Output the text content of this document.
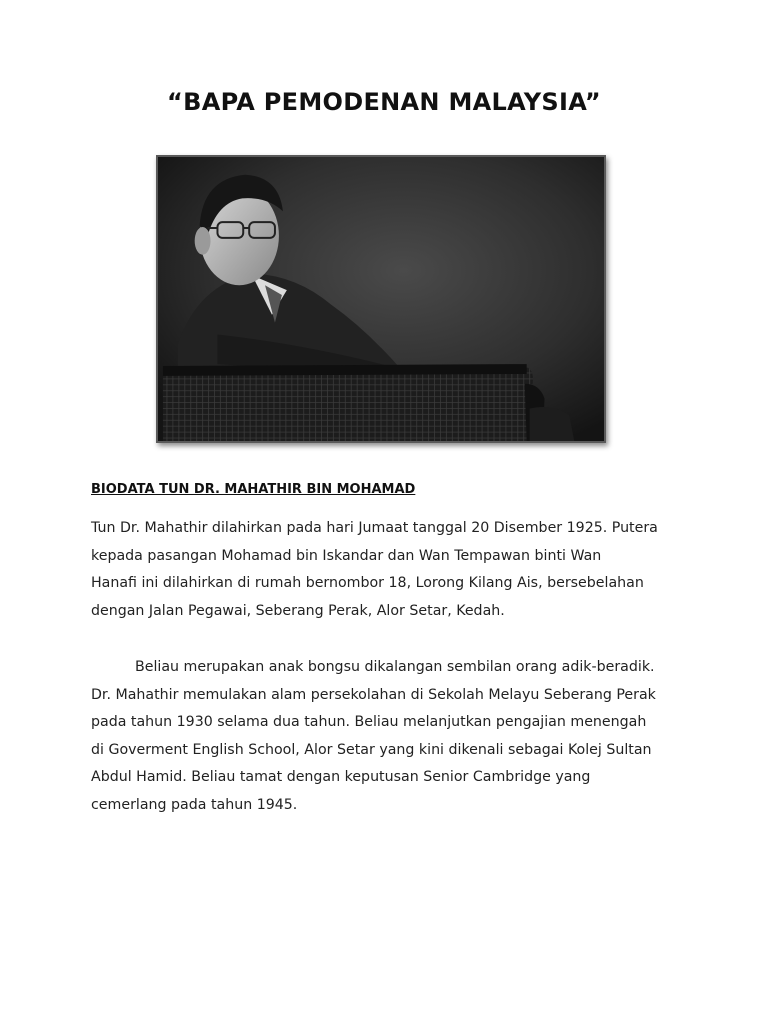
“BAPA PEMODENAN MALAYSIA”
BIODATA TUN DR. MAHATHIR BIN MOHAMAD

Tun Dr. Mahathir dilahirkan pada hari Jumaat tanggal 20 Disember 1925. Putera
kepada pasangan Mohamad bin Iskandar dan Wan Tempawan binti Wan
Hanafi ini dilahirkan di rumah bernombor 18, Lorong Kilang Ais, bersebelahan
dengan Jalan Pegawai, Seberang Perak, Alor Setar, Kedah.

Beliau merupakan anak bongsu dikalangan sembilan orang adik-beradik.
Dr. Mahathir memulakan alam persekolahan di Sekolah Melayu Seberang Perak
pada tahun 1930 selama dua tahun. Beliau melanjutkan pengajian menengah
di Goverment English School, Alor Setar yang kini dikenali sebagai Kolej Sultan
Abdul Hamid. Beliau tamat dengan keputusan Senior Cambridge yang
cemerlang pada tahun 1945.
